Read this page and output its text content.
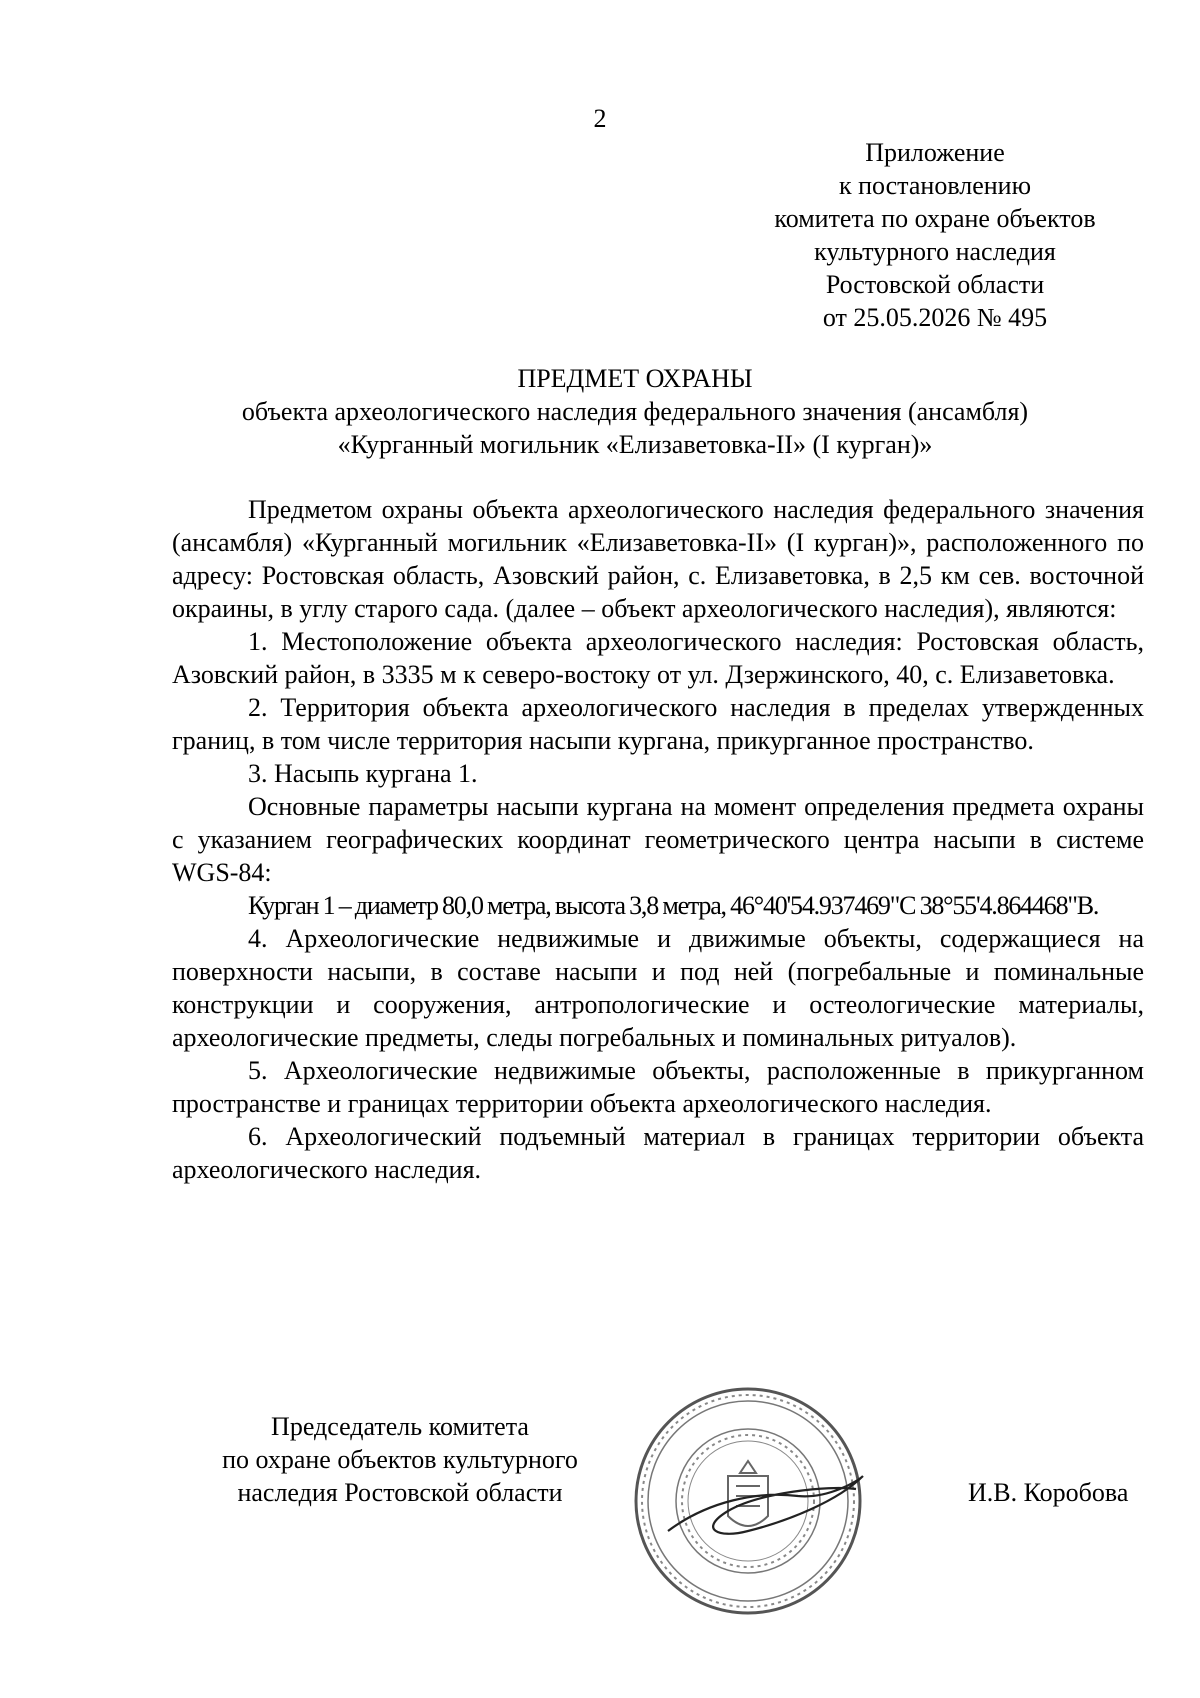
2
Приложение
к постановлению
комитета по охране объектов
культурного наследия
Ростовской области
от 25.05.2026 № 495
ПРЕДМЕТ ОХРАНЫ
объекта археологического наследия федерального значения (ансамбля)
«Курганный могильник «Елизаветовка-II» (I курган)»

Предметом охраны объекта археологического наследия федерального значения (ансамбля) «Курганный могильник «Елизаветовка-II» (I курган)», расположенного по адресу: Ростовская область, Азовский район, с. Елизаветовка, в 2,5 км сев. восточной окраины, в углу старого сада. (далее – объект археологического наследия), являются:

1. Местоположение объекта археологического наследия: Ростовская область, Азовский район, в 3335 м к северо-востоку от ул. Дзержинского, 40, с. Елизаветовка.

2. Территория объекта археологического наследия в пределах утвержденных границ, в том числе территория насыпи кургана, прикурганное пространство.

3. Насыпь кургана 1.

Основные параметры насыпи кургана на момент определения предмета охраны с указанием географических координат геометрического центра насыпи в системе WGS-84:

Курган 1 – диаметр 80,0 метра, высота 3,8 метра, 46°40'54.937469"С 38°55'4.864468"В.

4. Археологические недвижимые и движимые объекты, содержащиеся на поверхности насыпи, в составе насыпи и под ней (погребальные и поминальные конструкции и сооружения, антропологические и остеологические материалы, археологические предметы, следы погребальных и поминальных ритуалов).

5. Археологические недвижимые объекты, расположенные в прикурганном пространстве и границах территории объекта археологического наследия.

6. Археологический подъемный материал в границах территории объекта археологического наследия.

Председатель комитета
по охране объектов культурного
наследия Ростовской области	И.В. Коробова
